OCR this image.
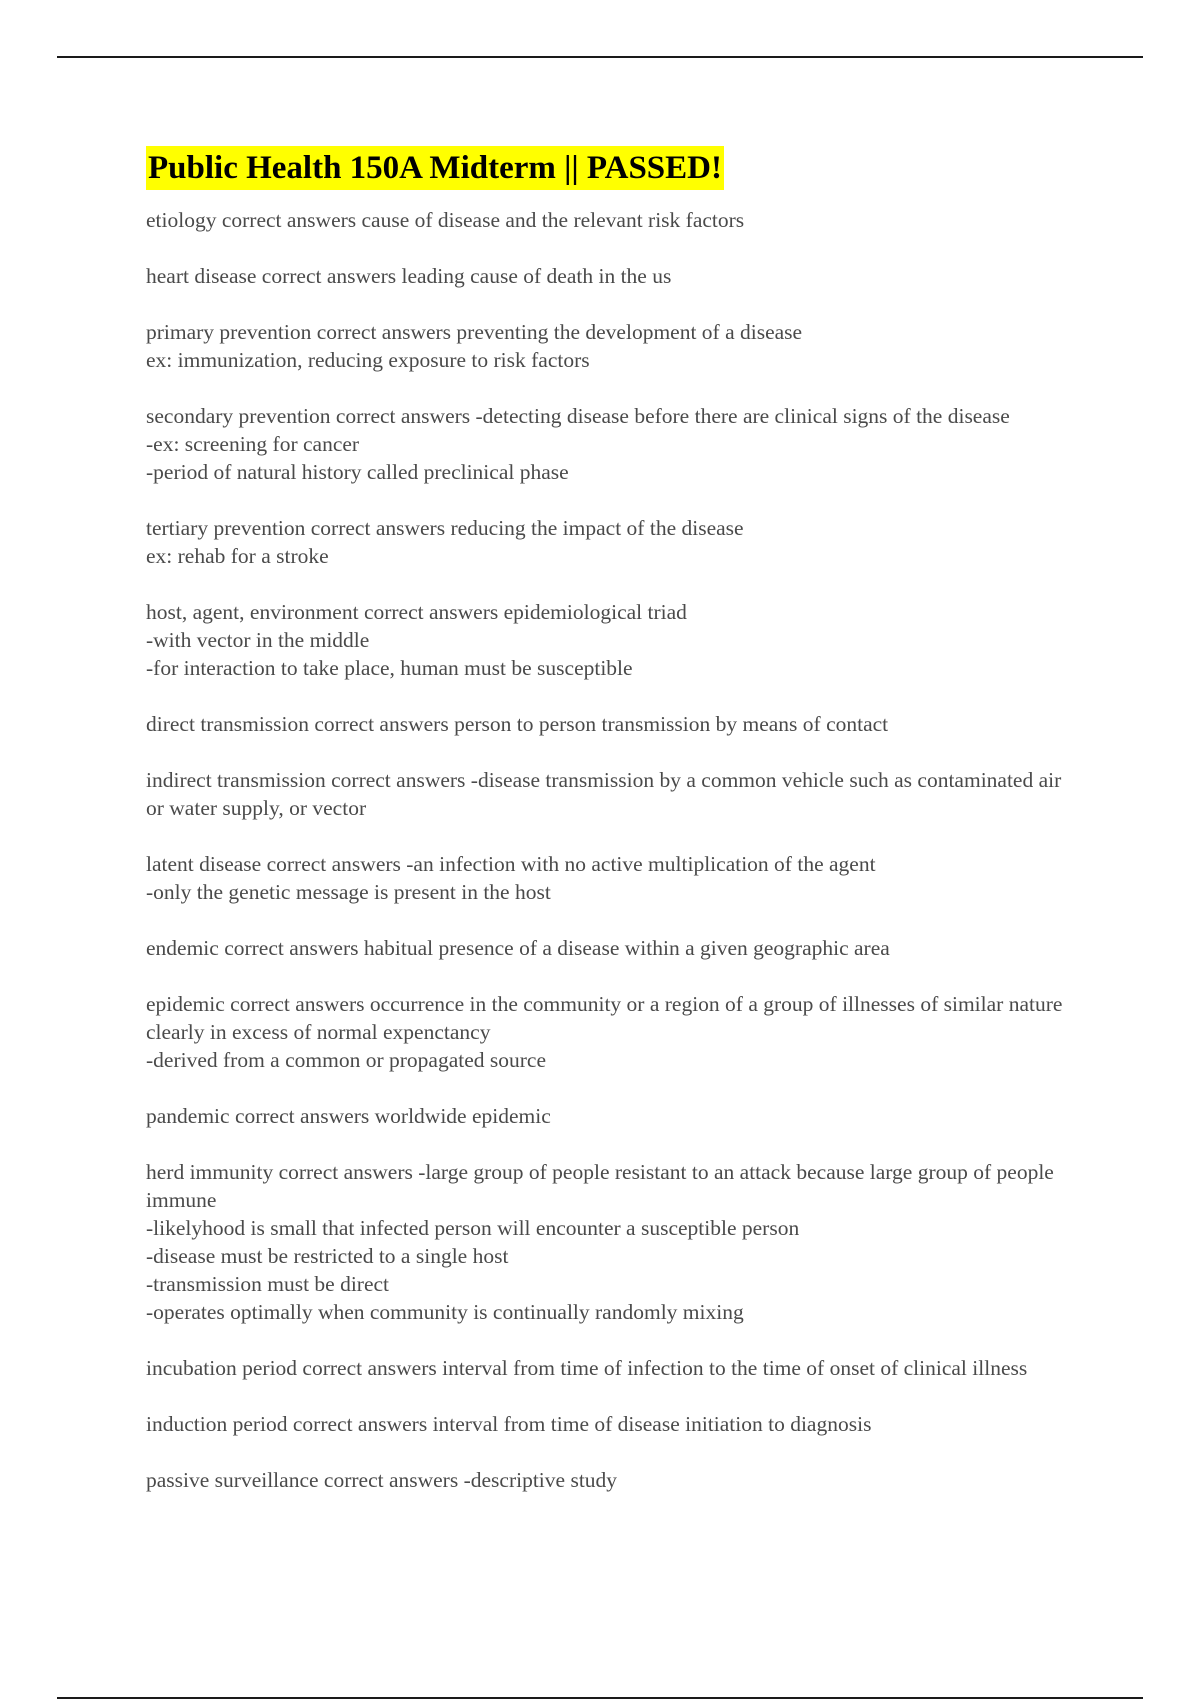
Public Health 150A Midterm || PASSED!
etiology correct answers cause of disease and the relevant risk factors
heart disease correct answers leading cause of death in the us
primary prevention correct answers preventing the development of a disease
ex: immunization, reducing exposure to risk factors
secondary prevention correct answers -detecting disease before there are clinical signs of the disease
-ex: screening for cancer
-period of natural history called preclinical phase
tertiary prevention correct answers reducing the impact of the disease
ex: rehab for a stroke
host, agent, environment correct answers epidemiological triad
-with vector in the middle
-for interaction to take place, human must be susceptible
direct transmission correct answers person to person transmission by means of contact
indirect transmission correct answers -disease transmission by a common vehicle such as contaminated air or water supply, or vector
latent disease correct answers -an infection with no active multiplication of the agent
-only the genetic message is present in the host
endemic correct answers habitual presence of a disease within a given geographic area
epidemic correct answers occurrence in the community or a region of a group of illnesses of similar nature clearly in excess of normal expenctancy
-derived from a common or propagated source
pandemic correct answers worldwide epidemic
herd immunity correct answers -large group of people resistant to an attack because large group of people immune
-likelyhood is small that infected person will encounter a susceptible person
-disease must be restricted to a single host
-transmission must be direct
-operates optimally when community is continually randomly mixing
incubation period correct answers interval from time of infection to the time of onset of clinical illness
induction period correct answers interval from time of disease initiation to diagnosis
passive surveillance correct answers -descriptive study
